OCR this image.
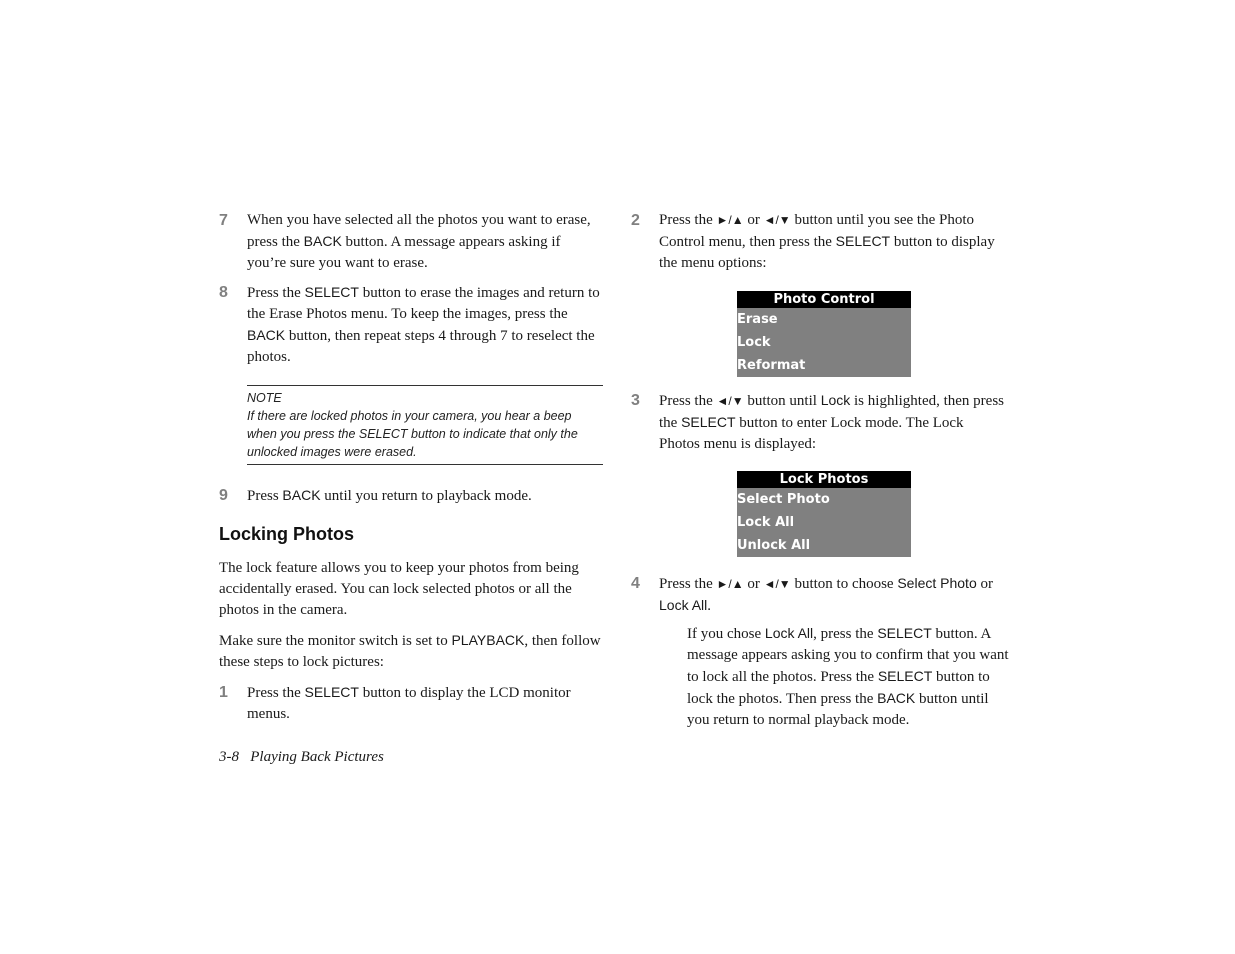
7 When you have selected all the photos you want to erase, press the BACK button. A message appears asking if you’re sure you want to erase.

8 Press the SELECT button to erase the images and return to the Erase Photos menu. To keep the images, press the BACK button, then repeat steps 4 through 7 to reselect the photos.

NOTE

If there are locked photos in your camera, you hear a beep when you press the SELECT button to indicate that only the unlocked images were erased.

9 Press BACK until you return to playback mode.

Locking Photos

The lock feature allows you to keep your photos from being accidentally erased. You can lock selected photos or all the photos in the camera.

Make sure the monitor switch is set to PLAYBACK, then follow these steps to lock pictures:

1 Press the SELECT button to display the LCD monitor menus.

2 Press the ►/▲ or ◄/▼ button until you see the Photo Control menu, then press the SELECT button to display the menu options:

Photo Control
Erase
Lock
Reformat
3 Press the ◄/▼ button until Lock is highlighted, then press the SELECT button to enter Lock mode. The Lock Photos menu is displayed:

Lock Photos
Select Photo
Lock All
Unlock All
4 Press the ►/▲ or ◄/▼ button to choose Select Photo or Lock All.

If you chose Lock All, press the SELECT button. A message appears asking you to confirm that you want to lock all the photos. Press the SELECT button to lock the photos. Then press the BACK button until you return to normal playback mode.

3-8   Playing Back Pictures
